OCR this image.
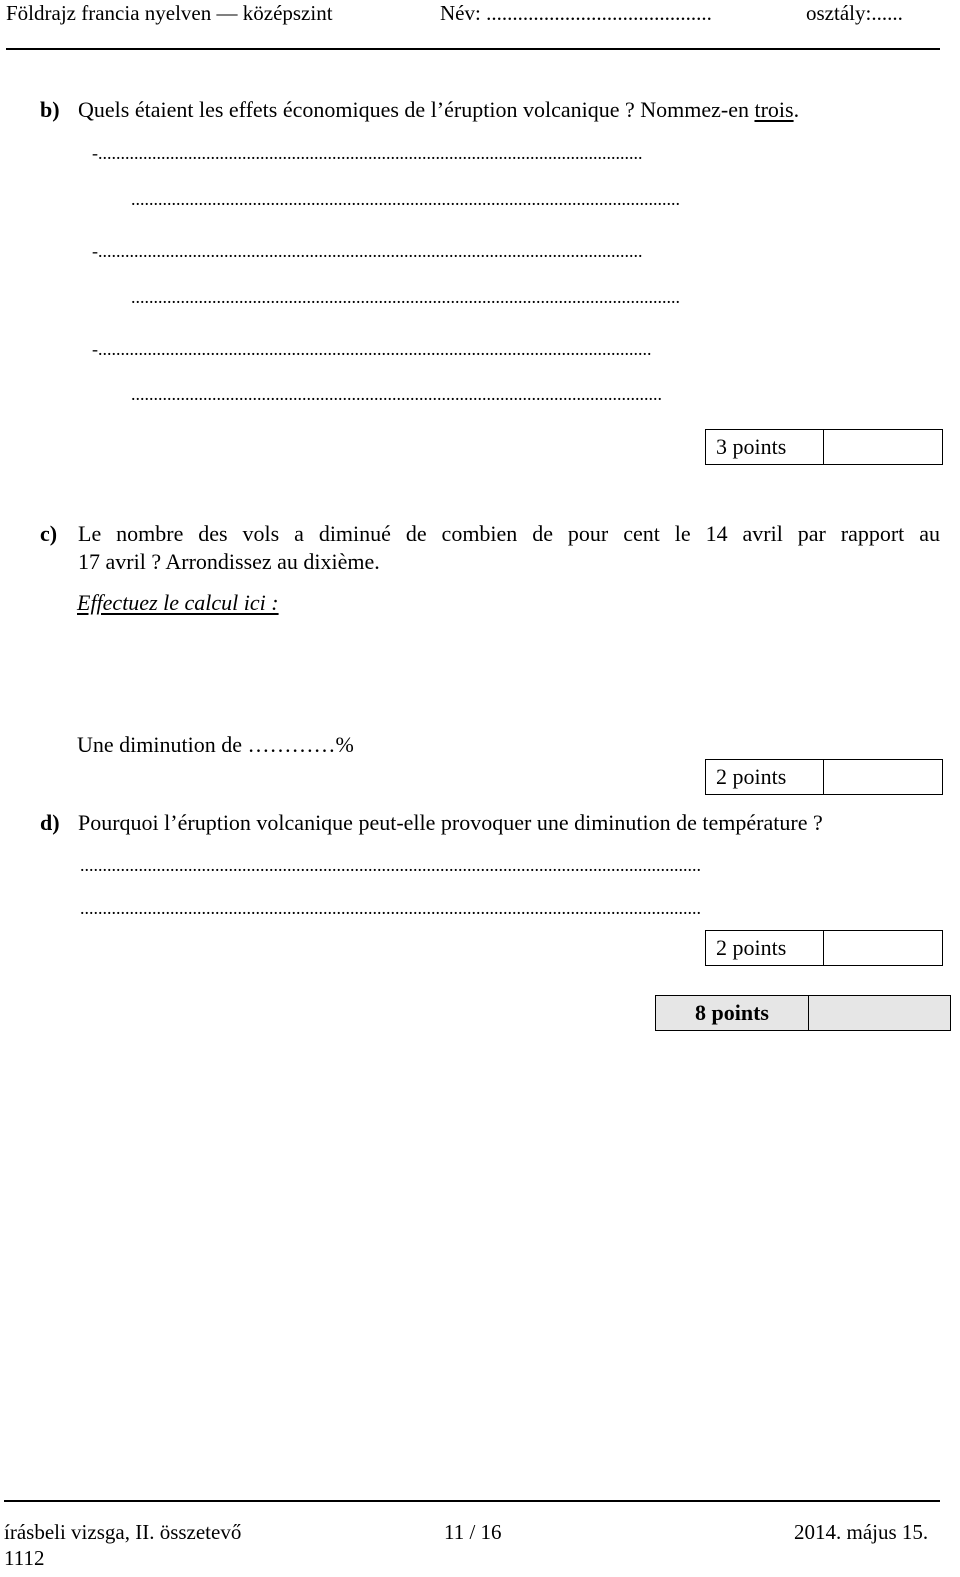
Földrajz francia nyelven — középszint	Név: ...........................................	osztály:......
b) Quels étaient les effets économiques de l’éruption volcanique ? Nommez-en trois.
-.........................................................................................................................
..........................................................................................................................
-.........................................................................................................................
..........................................................................................................................
-...........................................................................................................................
......................................................................................................................
3 points
c) Le nombre des vols a diminué de combien de pour cent le 14 avril par rapport au
17 avril ? Arrondissez au dixième.
Effectuez le calcul ici :
Une diminution de …………%
2 points
d) Pourquoi l’éruption volcanique peut-elle provoquer une diminution de température ?
..........................................................................................................................................
..........................................................................................................................................
2 points
8 points
írásbeli vizsga, II. összetevő	11 / 16	2014. május 15.
1112
